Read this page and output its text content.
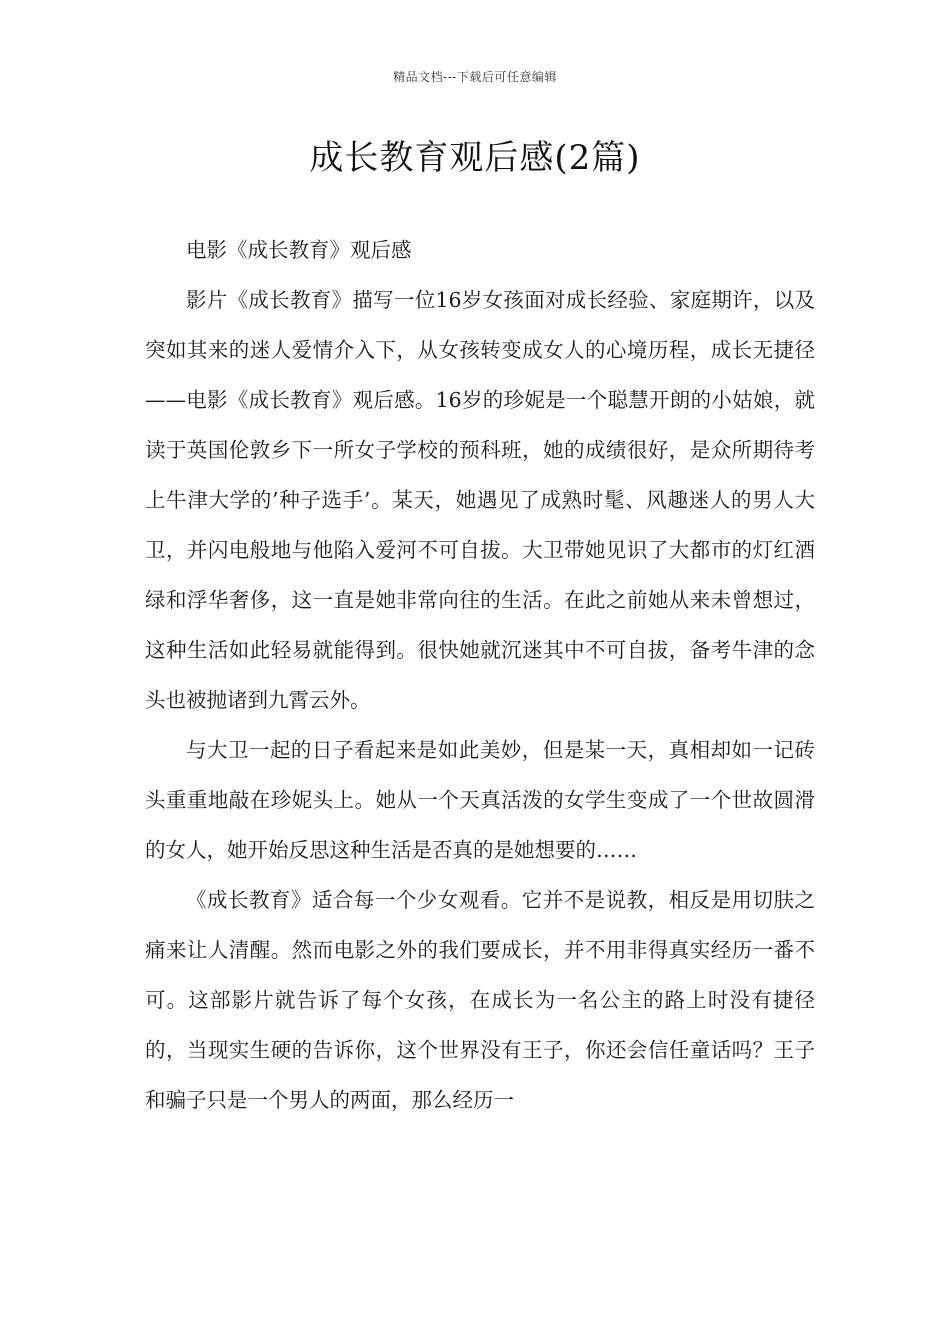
精品文档---下载后可任意编辑
成长教育观后感(2篇)

电影《成长教育》观后感

影片《成长教育》描写一位16岁女孩面对成长经验、家庭期许，以及突如其来的迷人爱情介入下，从女孩转变成女人的心境历程，成长无捷径——电影《成长教育》观后感。16岁的珍妮是一个聪慧开朗的小姑娘，就读于英国伦敦乡下一所女子学校的预科班，她的成绩很好，是众所期待考上牛津大学的’种子选手’。某天，她遇见了成熟时髦、风趣迷人的男人大卫，并闪电般地与他陷入爱河不可自拔。大卫带她见识了大都市的灯红酒绿和浮华奢侈，这一直是她非常向往的生活。在此之前她从来未曾想过，这种生活如此轻易就能得到。很快她就沉迷其中不可自拔，备考牛津的念头也被抛诸到九霄云外。

与大卫一起的日子看起来是如此美妙，但是某一天，真相却如一记砖头重重地敲在珍妮头上。她从一个天真活泼的女学生变成了一个世故圆滑的女人，她开始反思这种生活是否真的是她想要的……

《成长教育》适合每一个少女观看。它并不是说教，相反是用切肤之痛来让人清醒。然而电影之外的我们要成长，并不用非得真实经历一番不可。这部影片就告诉了每个女孩，在成长为一名公主的路上时没有捷径的，当现实生硬的告诉你，这个世界没有王子，你还会信任童话吗？王子和骗子只是一个男人的两面，那么经历一
